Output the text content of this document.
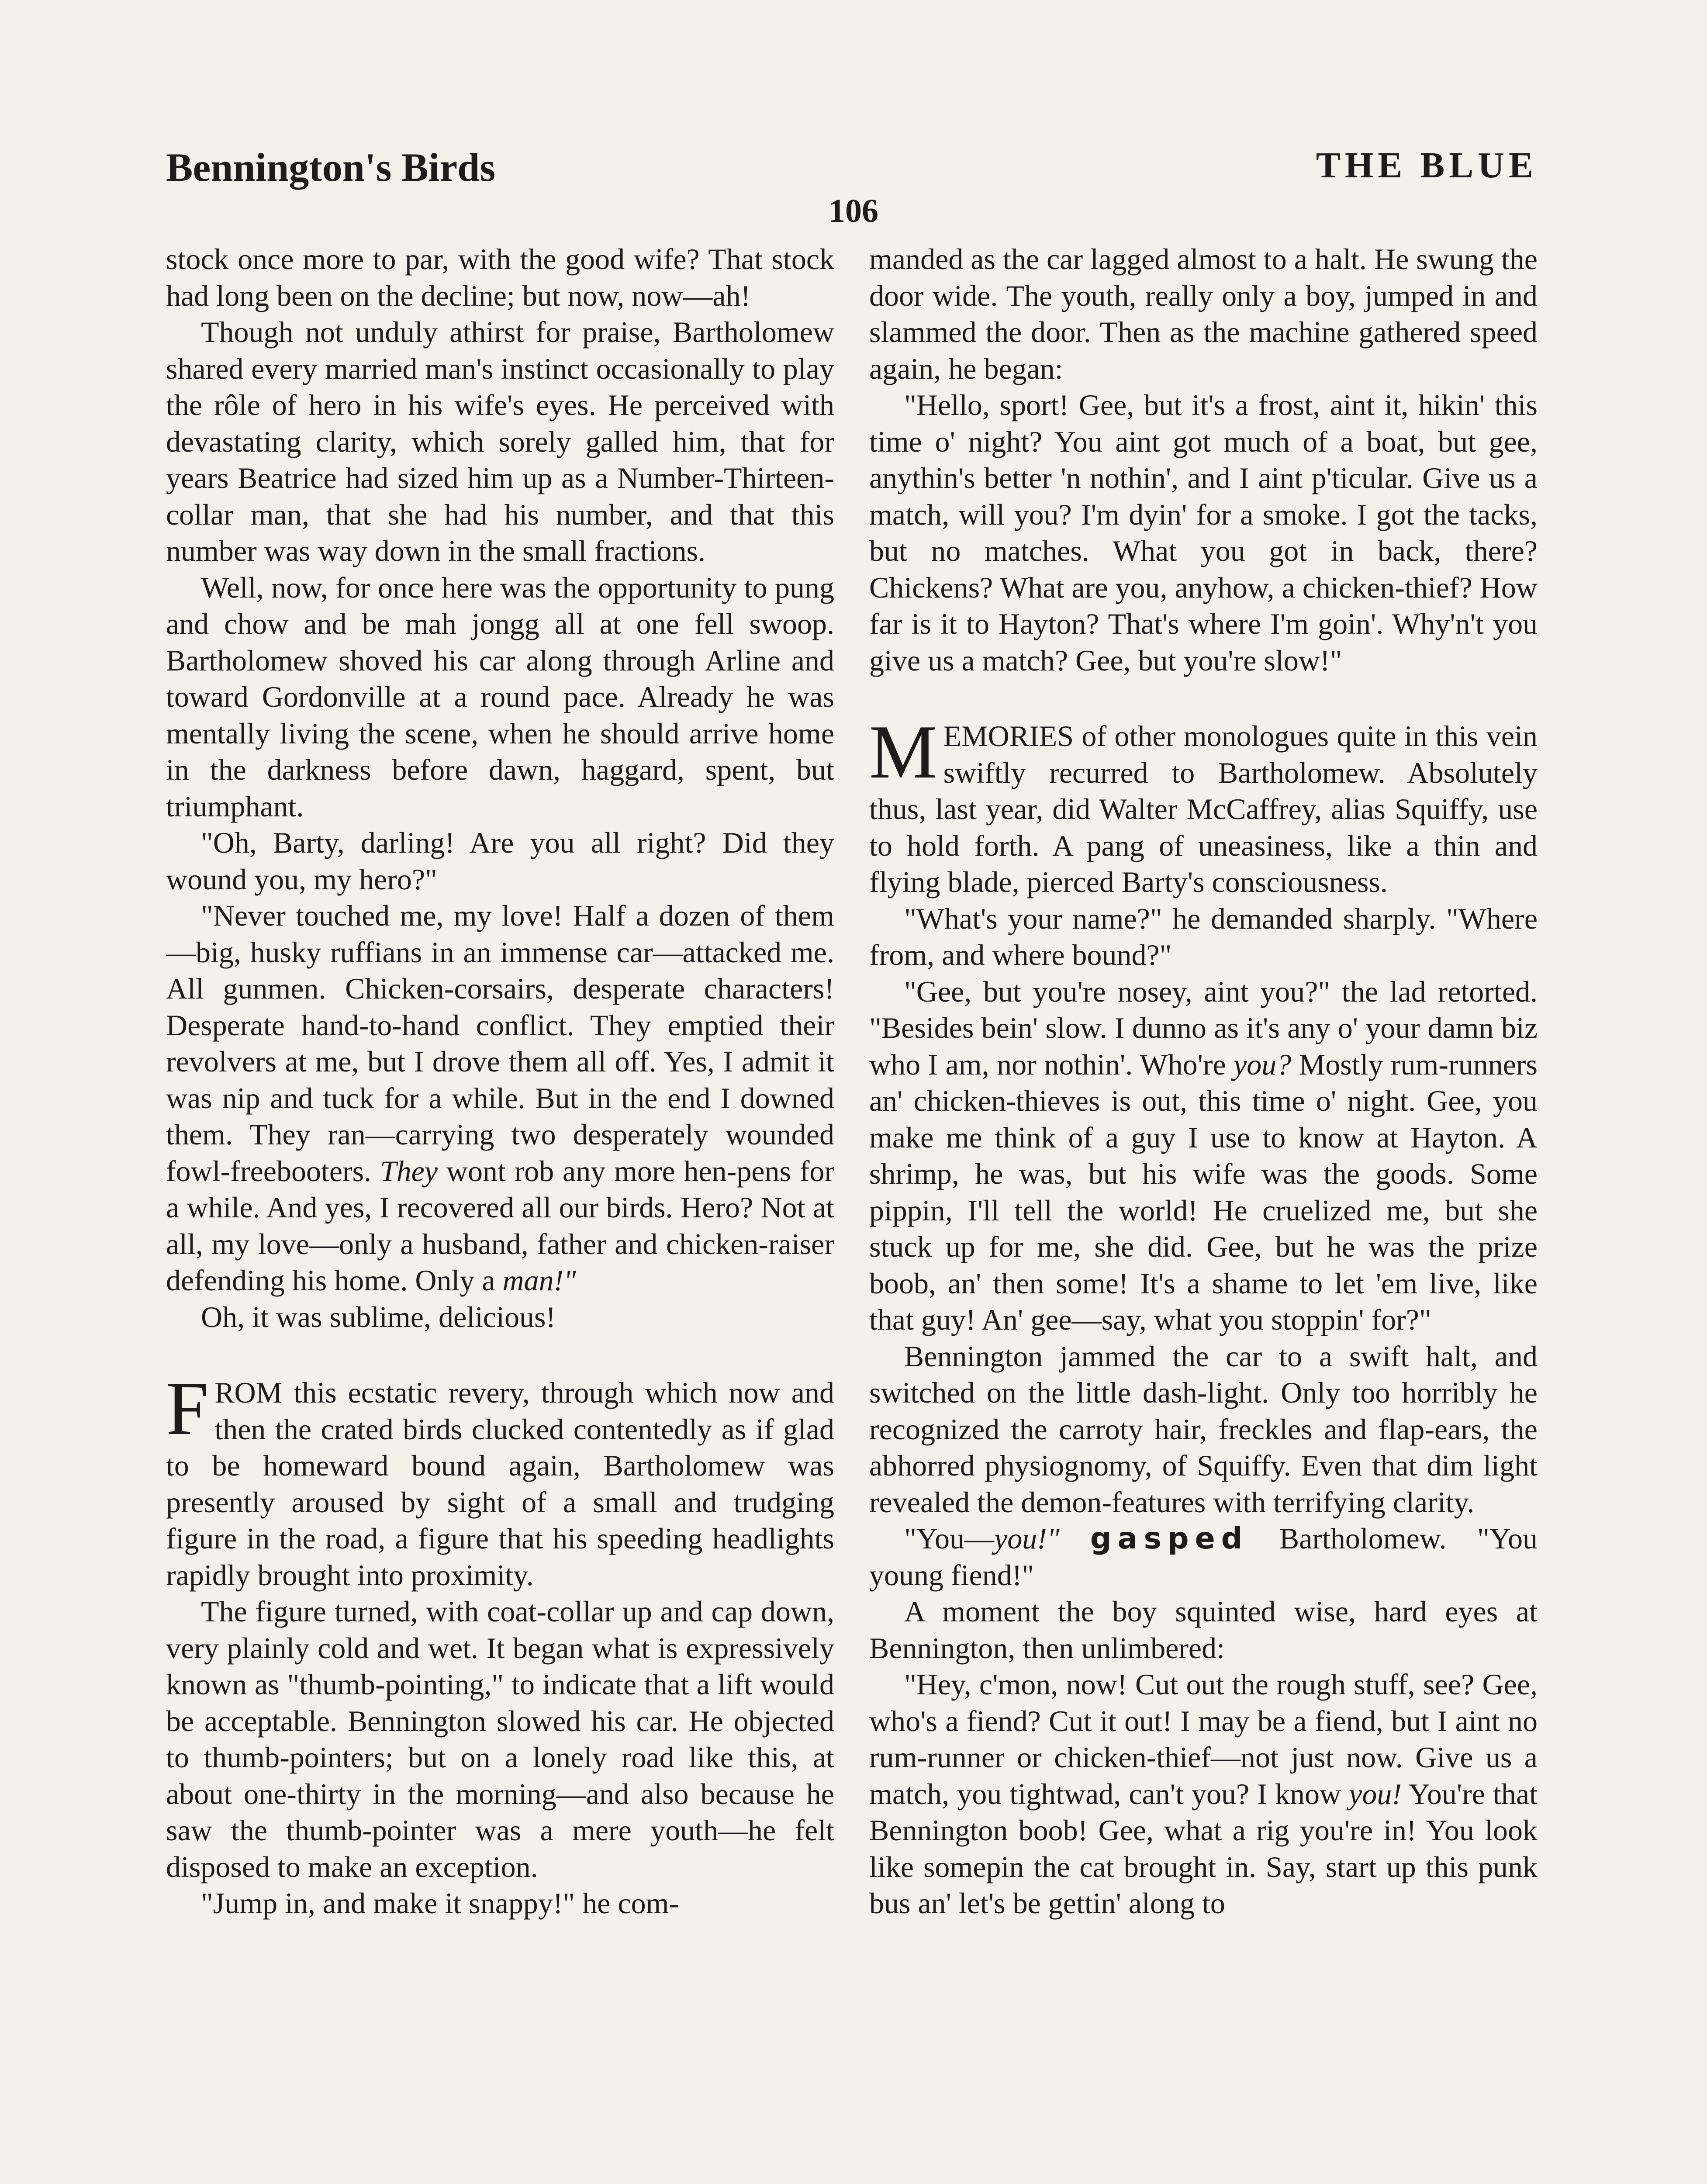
Bennington's Birds	THE BLUE
106

stock once more to par, with the good wife? That stock had long been on the decline; but now, now—ah!

Though not unduly athirst for praise, Bartholomew shared every married man's instinct occasionally to play the rôle of hero in his wife's eyes. He perceived with devastating clarity, which sorely galled him, that for years Beatrice had sized him up as a Number-Thirteen-collar man, that she had his number, and that this number was way down in the small fractions.

Well, now, for once here was the opportunity to pung and chow and be mah jongg all at one fell swoop. Bartholomew shoved his car along through Arline and toward Gordonville at a round pace. Already he was mentally living the scene, when he should arrive home in the darkness before dawn, haggard, spent, but triumphant.

"Oh, Barty, darling! Are you all right? Did they wound you, my hero?"

"Never touched me, my love! Half a dozen of them—big, husky ruffians in an immense car—attacked me. All gunmen. Chicken-corsairs, desperate characters! Desperate hand-to-hand conflict. They emptied their revolvers at me, but I drove them all off. Yes, I admit it was nip and tuck for a while. But in the end I downed them. They ran—carrying two desperately wounded fowl-freebooters. They wont rob any more hen-pens for a while. And yes, I recovered all our birds. Hero? Not at all, my love—only a husband, father and chicken-raiser defending his home. Only a man!"

Oh, it was sublime, delicious!

FROM this ecstatic revery, through which now and then the crated birds clucked contentedly as if glad to be homeward bound again, Bartholomew was presently aroused by sight of a small and trudging figure in the road, a figure that his speeding headlights rapidly brought into proximity.

The figure turned, with coat-collar up and cap down, very plainly cold and wet. It began what is expressively known as "thumb-pointing," to indicate that a lift would be acceptable. Bennington slowed his car. He objected to thumb-pointers; but on a lonely road like this, at about one-thirty in the morning—and also because he saw the thumb-pointer was a mere youth—he felt disposed to make an exception.

"Jump in, and make it snappy!" he com-

manded as the car lagged almost to a halt. He swung the door wide. The youth, really only a boy, jumped in and slammed the door. Then as the machine gathered speed again, he began:

"Hello, sport! Gee, but it's a frost, aint it, hikin' this time o' night? You aint got much of a boat, but gee, anythin's better 'n nothin', and I aint p'ticular. Give us a match, will you? I'm dyin' for a smoke. I got the tacks, but no matches. What you got in back, there? Chickens? What are you, anyhow, a chicken-thief? How far is it to Hayton? That's where I'm goin'. Why'n't you give us a match? Gee, but you're slow!"

MEMORIES of other monologues quite in this vein swiftly recurred to Bartholomew. Absolutely thus, last year, did Walter McCaffrey, alias Squiffy, use to hold forth. A pang of uneasiness, like a thin and flying blade, pierced Barty's consciousness.

"What's your name?" he demanded sharply. "Where from, and where bound?"

"Gee, but you're nosey, aint you?" the lad retorted. "Besides bein' slow. I dunno as it's any o' your damn biz who I am, nor nothin'. Who're you? Mostly rum-runners an' chicken-thieves is out, this time o' night. Gee, you make me think of a guy I use to know at Hayton. A shrimp, he was, but his wife was the goods. Some pippin, I'll tell the world! He cruelized me, but she stuck up for me, she did. Gee, but he was the prize boob, an' then some! It's a shame to let 'em live, like that guy! An' gee—say, what you stoppin' for?"

Bennington jammed the car to a swift halt, and switched on the little dash-light. Only too horribly he recognized the carroty hair, freckles and flap-ears, the abhorred physiognomy, of Squiffy. Even that dim light revealed the demon-features with terrifying clarity.

"You—you!" gasped Bartholomew. "You young fiend!"

A moment the boy squinted wise, hard eyes at Bennington, then unlimbered:

"Hey, c'mon, now! Cut out the rough stuff, see? Gee, who's a fiend? Cut it out! I may be a fiend, but I aint no rum-runner or chicken-thief—not just now. Give us a match, you tightwad, can't you? I know you! You're that Bennington boob! Gee, what a rig you're in! You look like somepin the cat brought in. Say, start up this punk bus an' let's be gettin' along to
